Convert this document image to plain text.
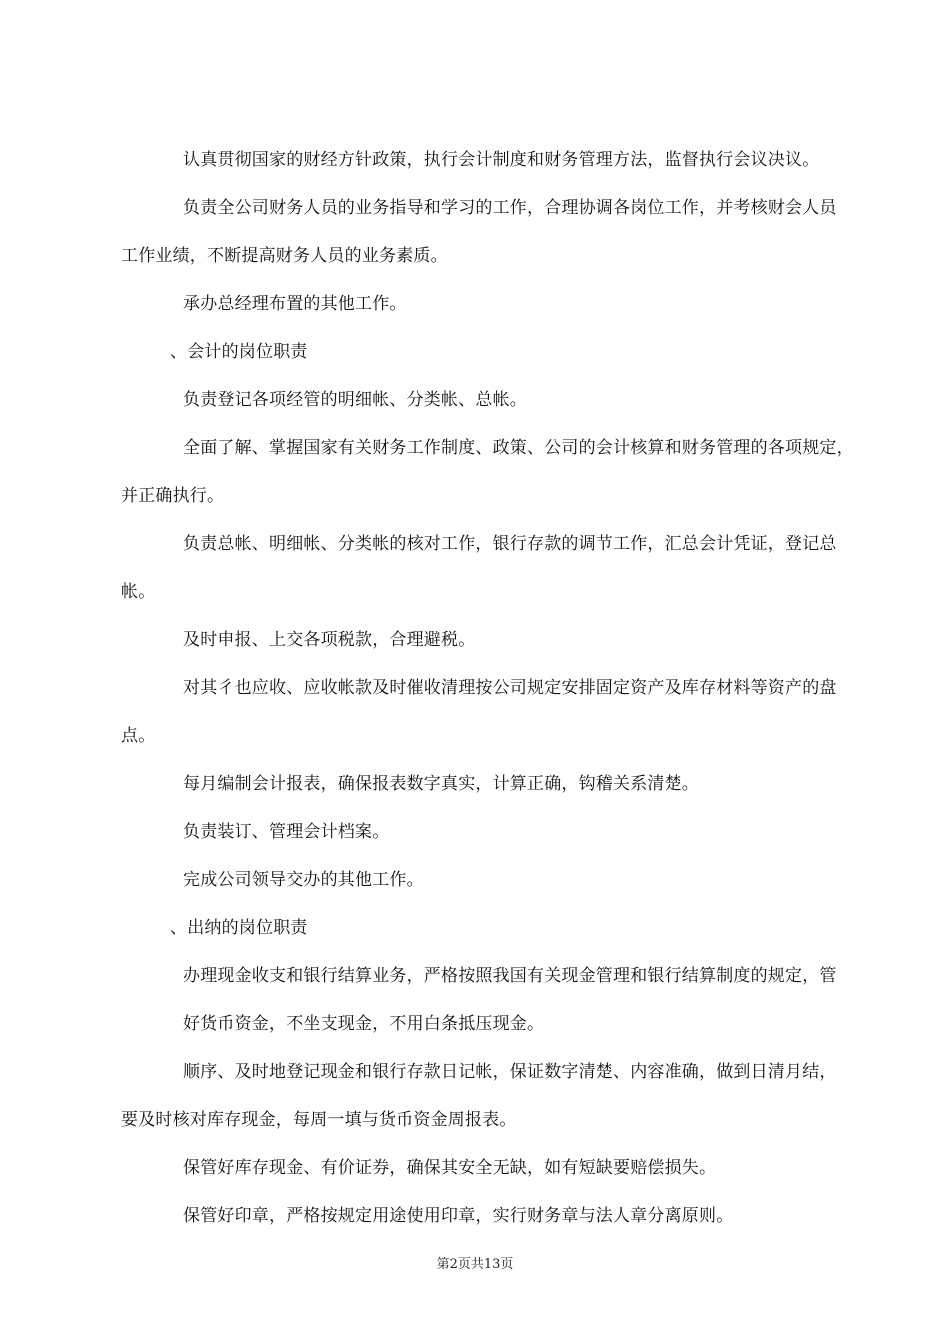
认真贯彻国家的财经方针政策，执行会计制度和财务管理方法，监督执行会议决议。
负责全公司财务人员的业务指导和学习的工作，合理协调各岗位工作，并考核财会人员
工作业绩，不断提高财务人员的业务素质。
承办总经理布置的其他工作。
、会计的岗位职责
负责登记各项经管的明细帐、分类帐、总帐。
全面了解、掌握国家有关财务工作制度、政策、公司的会计核算和财务管理的各项规定，
并正确执行。
负责总帐、明细帐、分类帐的核对工作，银行存款的调节工作，汇总会计凭证，登记总
帐。
及时申报、上交各项税款，合理避税。
对其彳也应收、应收帐款及时催收清理按公司规定安排固定资产及库存材料等资产的盘
点。
每月编制会计报表，确保报表数字真实，计算正确，钩稽关系清楚。
负责装订、管理会计档案。
完成公司领导交办的其他工作。
、出纳的岗位职责
办理现金收支和银行结算业务，严格按照我国有关现金管理和银行结算制度的规定，管
好货币资金，不坐支现金，不用白条抵压现金。
顺序、及时地登记现金和银行存款日记帐，保证数字清楚、内容准确，做到日清月结，
要及时核对库存现金，每周一填与货币资金周报表。
保管好库存现金、有价证券，确保其安全无缺，如有短缺要赔偿损失。
保管好印章，严格按规定用途使用印章，实行财务章与法人章分离原则。
第2页共13页
